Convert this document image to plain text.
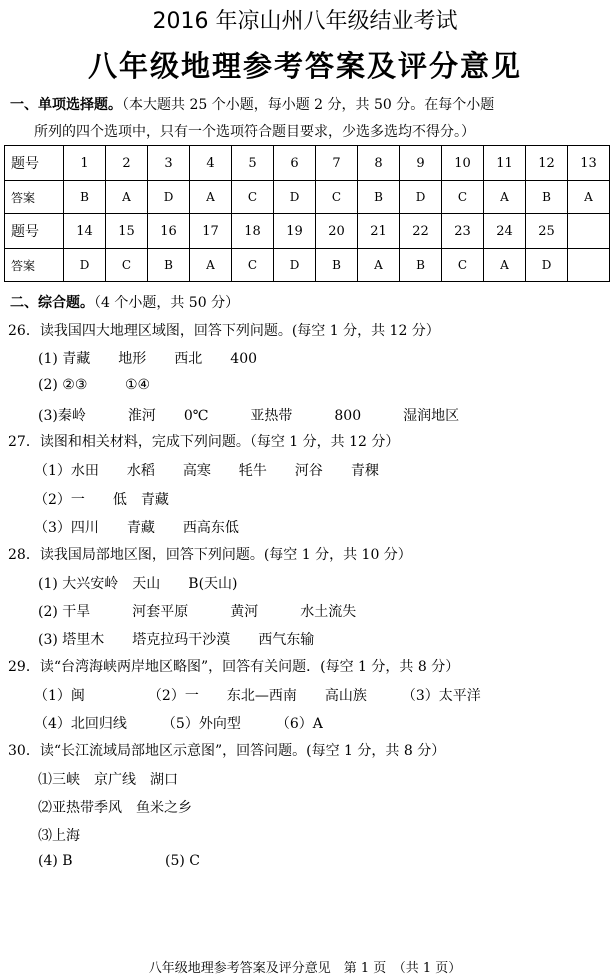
2016 年凉山州八年级结业考试
八年级地理参考答案及评分意见
一、单项选择题。（本大题共 25 个小题，每小题 2 分，共 50 分。在每个小题
所列的四个选项中，只有一个选项符合题目要求，少选多选均不得分。）
题号	1	2	3	4	5	6	7	8	9	10	11	12	13
答案	B	A	D	A	C	D	C	B	D	C	A	B	A
题号	14	15	16	17	18	19	20	21	22	23	24	25	
答案	D	C	B	A	C	D	B	A	B	C	A	D	
二、综合题。（4 个小题，共 50 分）
26．读我国四大地理区域图，回答下列问题。(每空 1 分，共 12 分）
(1) 青藏　　地形　　西北　　400
(2) ②③	①④
(3)秦岭　　　淮河　　0℃　　　亚热带　　　800　　　湿润地区
27．读图和相关材料，完成下列问题。（每空 1 分，共 12 分）
（1）水田　　水稻　　高寒　　牦牛　　河谷　　青稞
（2）一　　低　青藏
（3）四川　　青藏　　西高东低
28．读我国局部地区图，回答下列问题。(每空 1 分，共 10 分）
(1) 大兴安岭　天山　　B(天山)
(2) 干旱　　　河套平原　　　黄河　　　水土流失
(3) 塔里木　　塔克拉玛干沙漠　　西气东输
29．读“台湾海峡两岸地区略图”，回答有关问题．(每空 1 分，共 8 分）
（1）闽　　　　　（2）一　　东北—西南　　高山族　　　（3）太平洋
（4）北回归线　　　（5）外向型　　　（6）A
30．读“长江流域局部地区示意图”，回答问题。(每空 1 分，共 8 分）
⑴三峡　京广线　湖口
⑵亚热带季风　鱼米之乡
⑶上海
(4) B	(5) C
八年级地理参考答案及评分意见　第 1 页　（共 1 页）
